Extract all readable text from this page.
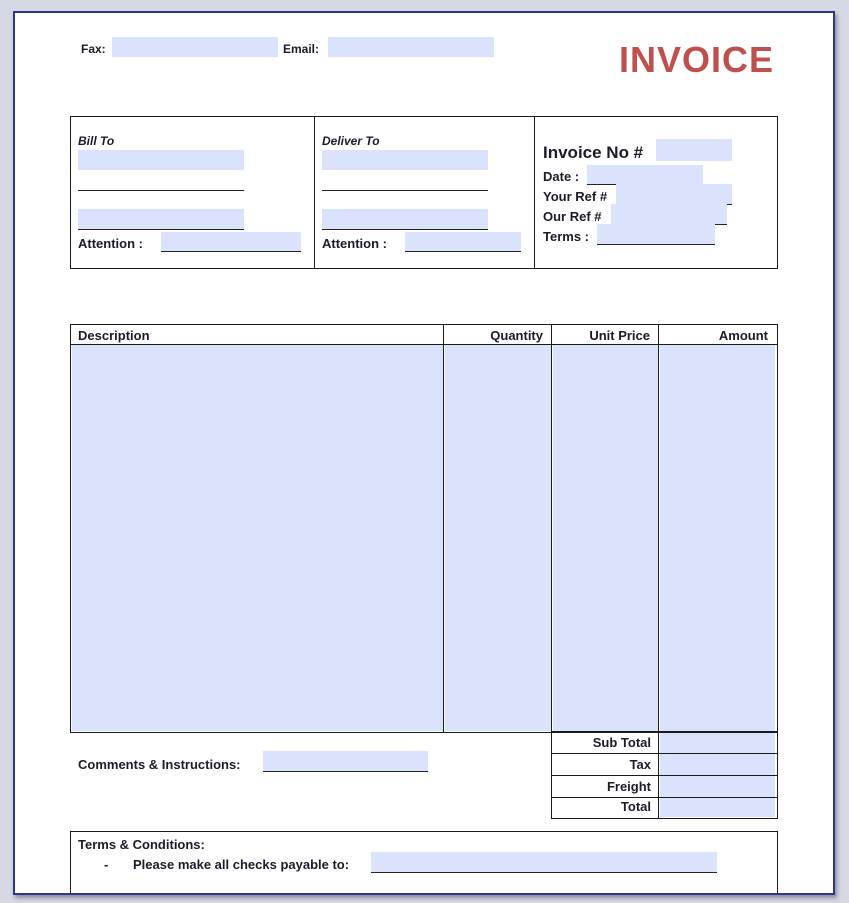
Fax:	Email:	INVOICE
Bill To
Attention :
Deliver To
Attention :
Invoice No #
Date :
Your Ref #
Our Ref #
Terms :
Description	Quantity	Unit Price	Amount
Sub Total
Tax
Freight
Total
Comments & Instructions:
Terms & Conditions:
- Please make all checks payable to:
